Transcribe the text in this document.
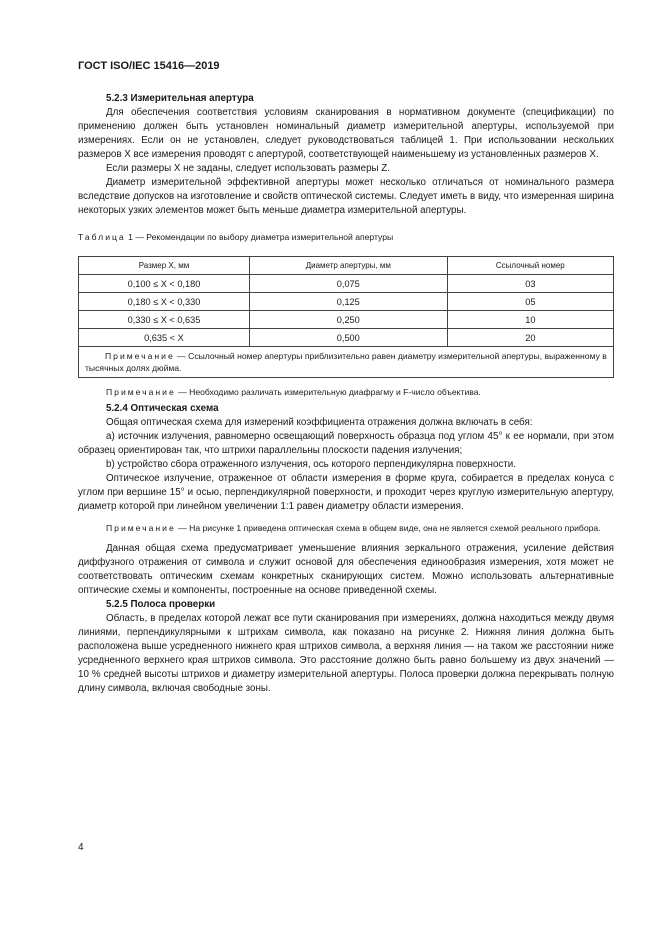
ГОСТ ISO/IEC 15416—2019

5.2.3 Измерительная апертура

Для обеспечения соответствия условиям сканирования в нормативном документе (спецификации) по применению должен быть установлен номинальный диаметр измерительной апертуры, используемой при измерениях. Если он не установлен, следует руководствоваться таблицей 1. При использовании нескольких размеров X все измерения проводят с апертурой, соответствующей наименьшему из установленных размеров X.

Если размеры X не заданы, следует использовать размеры Z.

Диаметр измерительной эффективной апертуры может несколько отличаться от номинального размера вследствие допусков на изготовление и свойств оптической системы. Следует иметь в виду, что измеренная ширина некоторых узких элементов может быть меньше диаметра измерительной апертуры.

Таблица 1 — Рекомендации по выбору диаметра измерительной апертуры

Размер X, мм	Диаметр апертуры, мм	Ссылочный номер
0,100 ≤ X < 0,180	0,075	03
0,180 ≤ X < 0,330	0,125	05
0,330 ≤ X < 0,635	0,250	10
0,635 < X	0,500	20
Примечание — Ссылочный номер апертуры приблизительно равен диаметру измерительной апертуры, выраженному в тысячных долях дюйма.		

Примечание — Необходимо различать измерительную диафрагму и F-число объектива.

5.2.4 Оптическая схема

Общая оптическая схема для измерений коэффициента отражения должна включать в себя:

а) источник излучения, равномерно освещающий поверхность образца под углом 45° к ее нормали, при этом образец ориентирован так, что штрихи параллельны плоскости падения излучения;

b) устройство сбора отраженного излучения, ось которого перпендикулярна поверхности.

Оптическое излучение, отраженное от области измерения в форме круга, собирается в пределах конуса с углом при вершине 15° и осью, перпендикулярной поверхности, и проходит через круглую измерительную апертуру, диаметр которой при линейном увеличении 1:1 равен диаметру области измерения.

Примечание — На рисунке 1 приведена оптическая схема в общем виде, она не является схемой реального прибора.

Данная общая схема предусматривает уменьшение влияния зеркального отражения, усиление действия диффузного отражения от символа и служит основой для обеспечения единообразия измерения, хотя может не соответствовать оптическим схемам конкретных сканирующих систем. Можно использовать альтернативные оптические схемы и компоненты, построенные на основе приведенной схемы.

5.2.5 Полоса проверки

Область, в пределах которой лежат все пути сканирования при измерениях, должна находиться между двумя линиями, перпендикулярными к штрихам символа, как показано на рисунке 2. Нижняя линия должна быть расположена выше усредненного нижнего края штрихов символа, а верхняя линия — на таком же расстоянии ниже усредненного верхнего края штрихов символа. Это расстояние должно быть равно большему из двух значений — 10 % средней высоты штрихов и диаметру измерительной апертуры. Полоса проверки должна перекрывать полную длину символа, включая свободные зоны.

4
